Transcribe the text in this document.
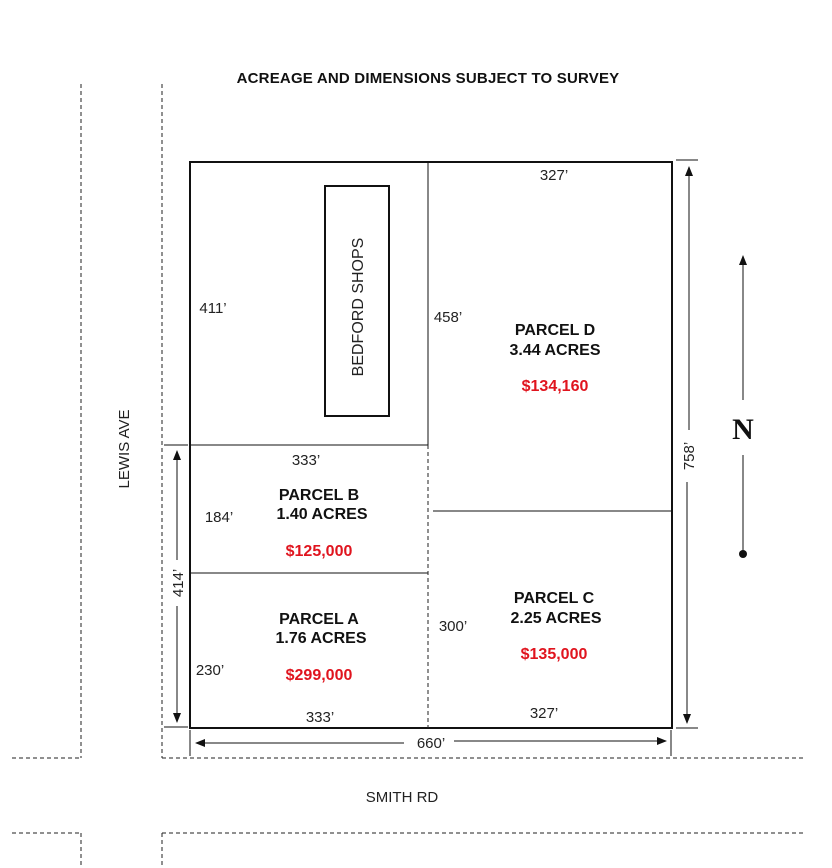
ACREAGE AND DIMENSIONS SUBJECT TO SURVEY
LEWIS AVE
SMITH RD
BEDFORD SHOPS	PARCEL D
3.44 ACRES
$134,160
PARCEL B
1.40 ACRES
$125,000
PARCEL A
1.76 ACRES
$299,000
PARCEL C
2.25 ACRES
$135,000
327’
411’
458’
333’
184’
300’
230’
333’	327’
660’
758’
414’
N
